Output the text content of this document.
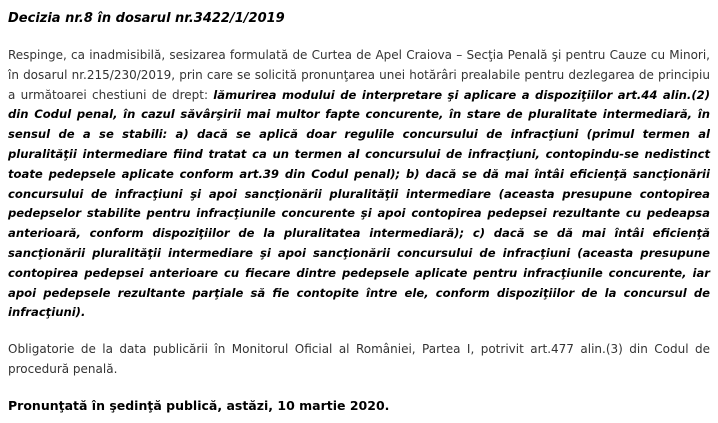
Decizia nr.8 în dosarul nr.3422/1/2019

Respinge, ca inadmisibilă, sesizarea formulată de Curtea de Apel Craiova – Secţia Penală şi pentru Cauze cu Minori, în dosarul nr.215/230/2019, prin care se solicită pronunţarea unei hotărâri prealabile pentru dezlegarea de principiu a următoarei chestiuni de drept: lămurirea modului de interpretare şi aplicare a dispoziţiilor art.44 alin.(2) din Codul penal, în cazul săvârşirii mai multor fapte concurente, în stare de pluralitate intermediară, în sensul de a se stabili: a) dacă se aplică doar regulile concursului de infracţiuni (primul termen al pluralităţii intermediare fiind tratat ca un termen al concursului de infracţiuni, contopindu-se nedistinct toate pedepsele aplicate conform art.39 din Codul penal); b) dacă se dă mai întâi eficienţă sancţionării concursului de infracţiuni şi apoi sancţionării pluralităţii intermediare (aceasta presupune contopirea pedepselor stabilite pentru infracţiunile concurente şi apoi contopirea pedepsei rezultante cu pedeapsa anterioară, conform dispoziţiilor de la pluralitatea intermediară); c) dacă se dă mai întâi eficienţă sancţionării pluralităţii intermediare şi apoi sancţionării concursului de infracţiuni (aceasta presupune contopirea pedepsei anterioare cu fiecare dintre pedepsele aplicate pentru infracţiunile concurente, iar apoi pedepsele rezultante parţiale să fie contopite între ele, conform dispoziţiilor de la concursul de infracţiuni).

Obligatorie de la data publicării în Monitorul Oficial al României, Partea I, potrivit art.477 alin.(3) din Codul de procedură penală.

Pronunţată în şedinţă publică, astăzi, 10 martie 2020.
